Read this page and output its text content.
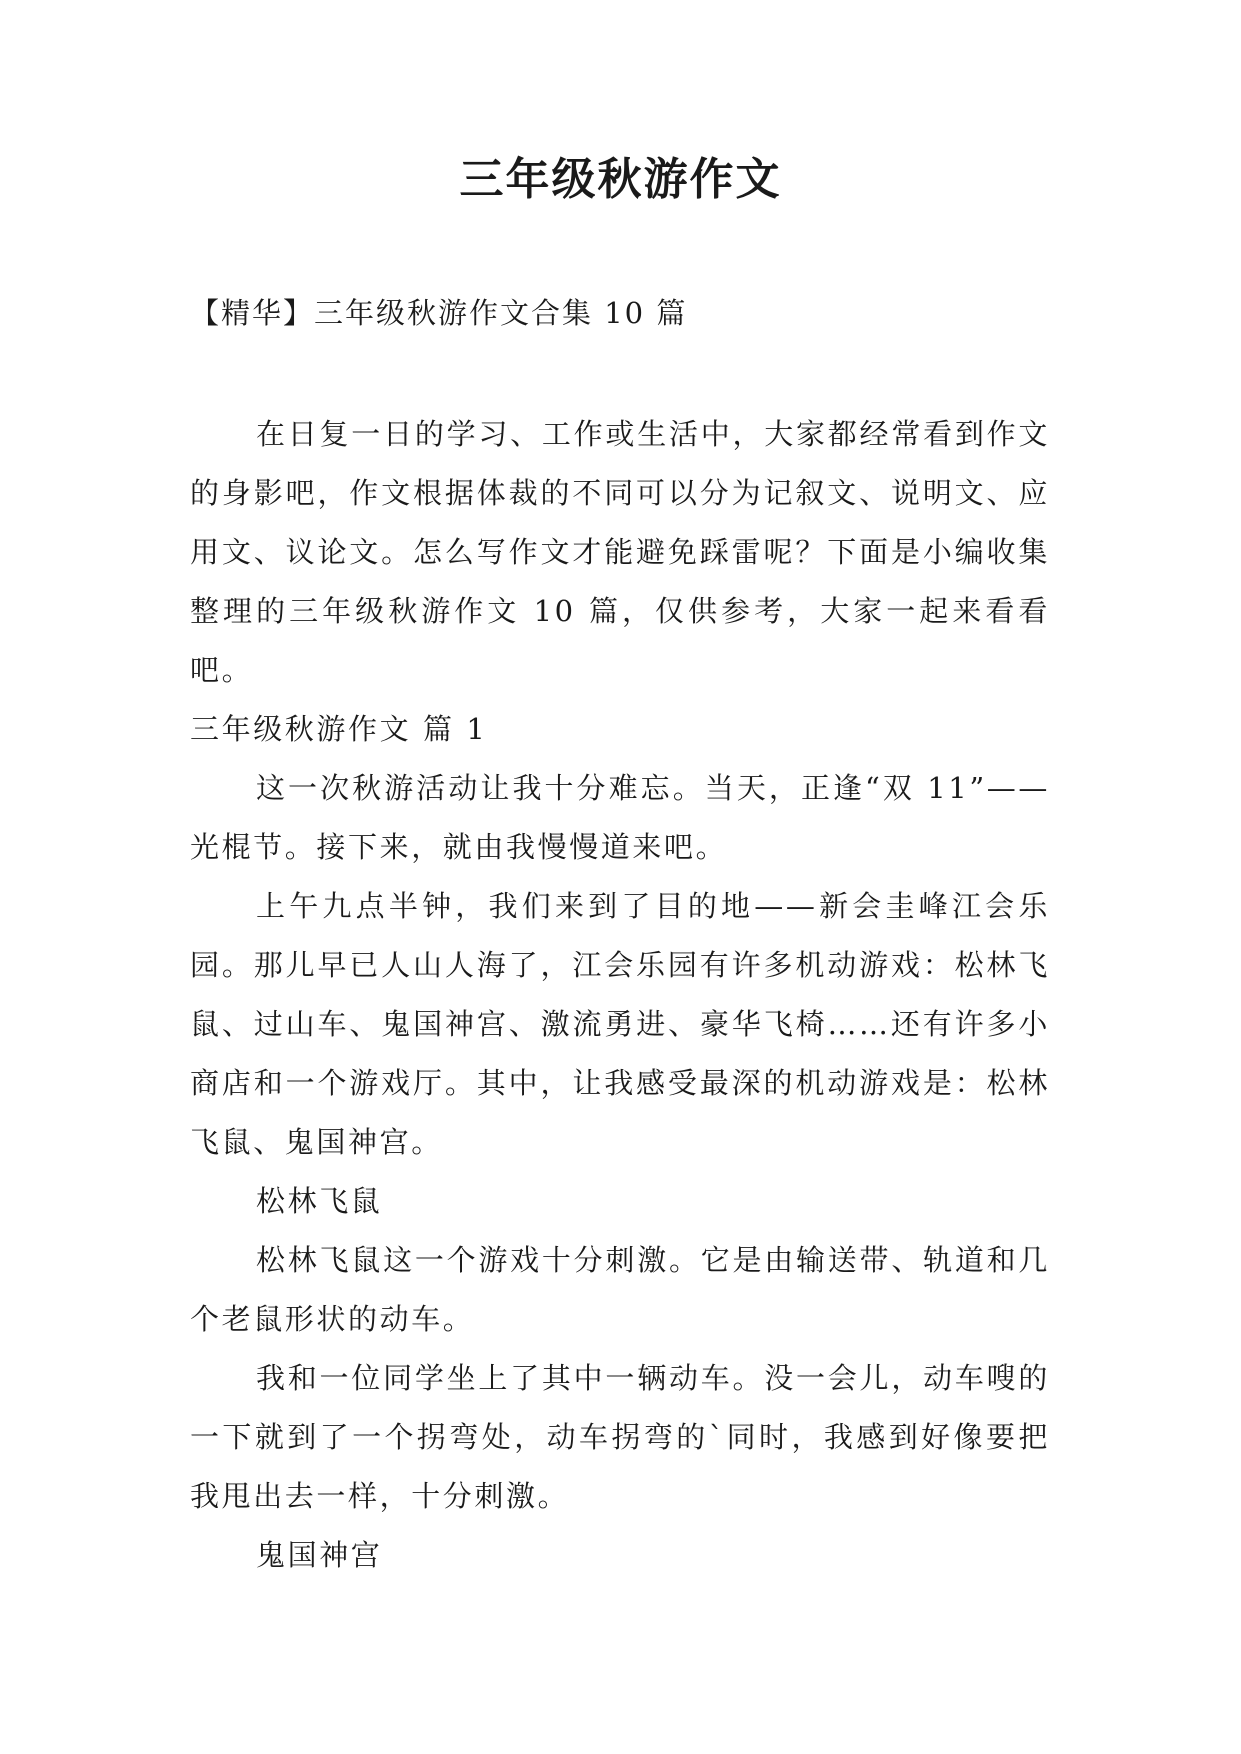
三年级秋游作文
【精华】三年级秋游作文合集 10 篇

在日复一日的学习、工作或生活中，大家都经常看到作文的身影吧，作文根据体裁的不同可以分为记叙文、说明文、应用文、议论文。怎么写作文才能避免踩雷呢？下面是小编收集整理的三年级秋游作文 10 篇，仅供参考，大家一起来看看吧。

三年级秋游作文 篇 1

这一次秋游活动让我十分难忘。当天，正逢“双 11”——光棍节。接下来，就由我慢慢道来吧。

上午九点半钟，我们来到了目的地——新会圭峰江会乐园。那儿早已人山人海了，江会乐园有许多机动游戏：松林飞鼠、过山车、鬼国神宫、激流勇进、豪华飞椅……还有许多小商店和一个游戏厅。其中，让我感受最深的机动游戏是：松林飞鼠、鬼国神宫。

松林飞鼠

松林飞鼠这一个游戏十分刺激。它是由输送带、轨道和几个老鼠形状的动车。

我和一位同学坐上了其中一辆动车。没一会儿，动车嗖的一下就到了一个拐弯处，动车拐弯的`同时，我感到好像要把我甩出去一样，十分刺激。

鬼国神宫
